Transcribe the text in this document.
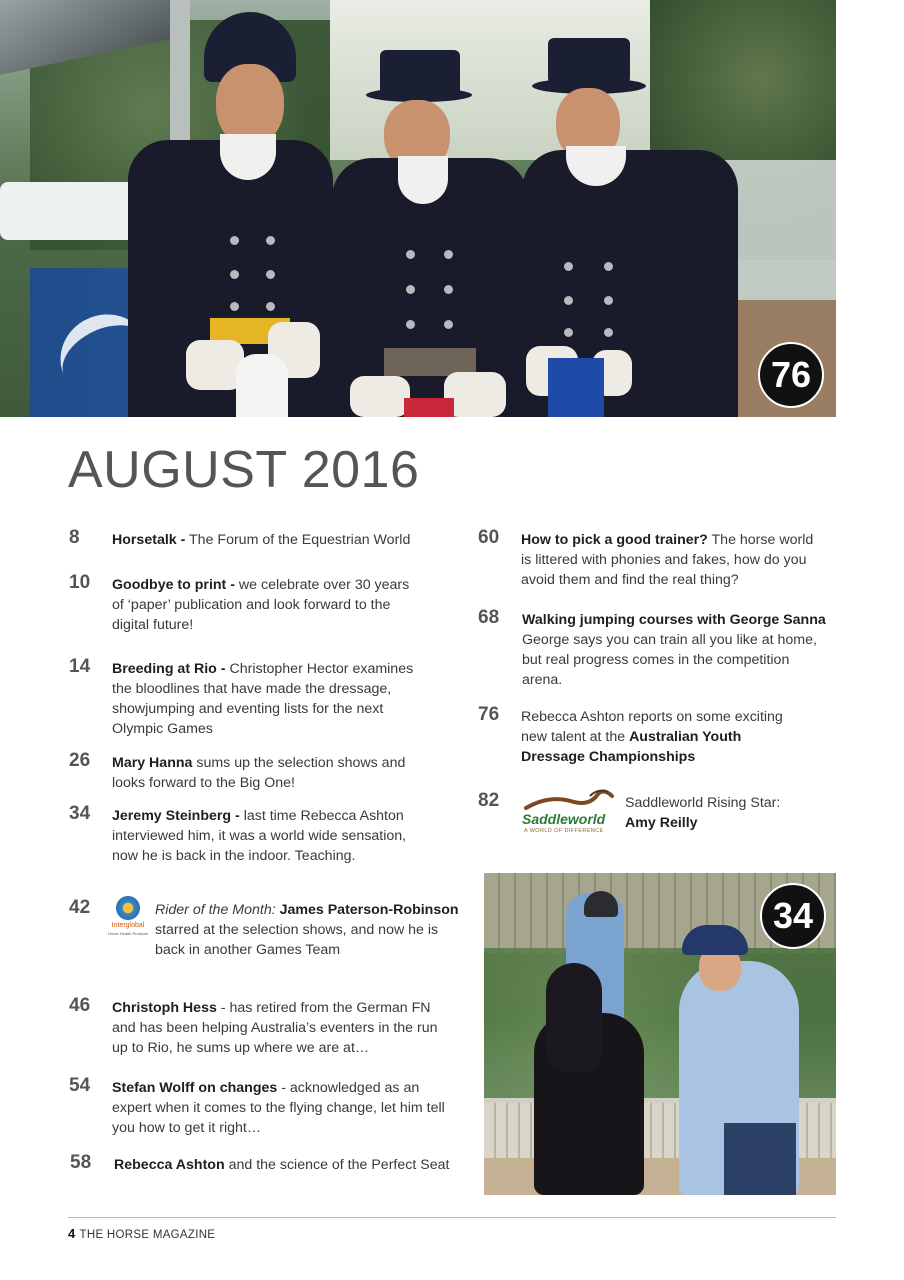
76
AUGUST 2016
8 Horsetalk - The Forum of the Equestrian World
10 Goodbye to print - we celebrate over 30 years of ‘paper’ publication and look forward to the digital future!
14 Breeding at Rio - Christopher Hector examines the bloodlines that have made the dressage, showjumping and eventing lists for the next Olympic Games
26 Mary Hanna sums up the selection shows and looks forward to the Big One!
34 Jeremy Steinberg - last time Rebecca Ashton interviewed him, it was a world wide sensation, now he is back in the indoor. Teaching.
42	Rider of the Month: James Paterson-Robinson starred at the selection shows, and now he is back in another Games Team
Interglobal
Horse Health Products
46 Christoph Hess - has retired from the German FN and has been helping Australia’s eventers in the run up to Rio, he sums up where we are at…
54 Stefan Wolff on changes - acknowledged as an expert when it comes to the flying change, let him tell you how to get it right…
58 Rebecca Ashton and the science of the Perfect Seat
60 How to pick a good trainer? The horse world is littered with phonies and fakes, how do you avoid them and find the real thing?
68 Walking jumping courses with George Sanna
George says you can train all you like at home, but real progress comes in the competition arena.
76 Rebecca Ashton reports on some exciting new talent at the Australian Youth Dressage Championships
82	Saddleworld Rising Star:
Amy Reilly
Saddleworld
A WORLD OF DIFFERENCE
34
4 THE HORSE MAGAZINE
